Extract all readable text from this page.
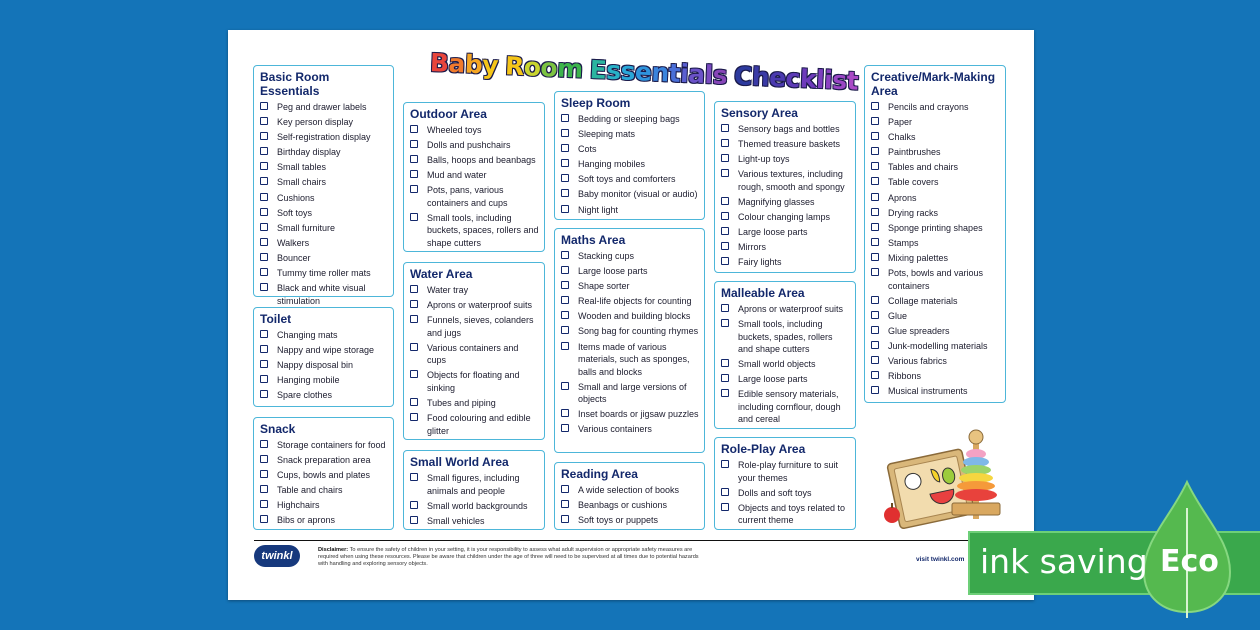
Baby Room Essentials Checklist
Basic Room Essentials
Peg and drawer labels
Key person display
Self-registration display
Birthday display
Small tables
Small chairs
Cushions
Soft toys
Small furniture
Walkers
Bouncer
Tummy time roller mats
Black and white visual stimulation
Toilet
Changing mats
Nappy and wipe storage
Nappy disposal bin
Hanging mobile
Spare clothes
Snack
Storage containers for food
Snack preparation area
Cups, bowls and plates
Table and chairs
Highchairs
Bibs or aprons
Outdoor Area
Wheeled toys
Dolls and pushchairs
Balls, hoops and beanbags
Mud and water
Pots, pans, various containers and cups
Small tools, including buckets, spaces, rollers and shape cutters
Water Area
Water tray
Aprons or waterproof suits
Funnels, sieves, colanders and jugs
Various containers and cups
Objects for floating and sinking
Tubes and piping
Food colouring and edible glitter
Small World Area
Small figures, including animals and people
Small world backgrounds
Small vehicles
Sleep Room
Bedding or sleeping bags
Sleeping mats
Cots
Hanging mobiles
Soft toys and comforters
Baby monitor (visual or audio)
Night light
Maths Area
Stacking cups
Large loose parts
Shape sorter
Real-life objects for counting
Wooden and building blocks
Song bag for counting rhymes
Items made of various materials, such as sponges, balls and blocks
Small and large versions of objects
Inset boards or jigsaw puzzles
Various containers
Reading Area
A wide selection of books
Beanbags or cushions
Soft toys or puppets
Sensory Area
Sensory bags and bottles
Themed treasure baskets
Light-up toys
Various textures, including rough, smooth and spongy
Magnifying glasses
Colour changing lamps
Large loose parts
Mirrors
Fairy lights
Malleable Area
Aprons or waterproof suits
Small tools, including buckets, spades, rollers and shape cutters
Small world objects
Large loose parts
Edible sensory materials, including cornflour, dough and cereal
Role-Play Area
Role-play furniture to suit your themes
Dolls and soft toys
Objects and toys related to current theme
Creative/Mark-Making Area
Pencils and crayons
Paper
Chalks
Paintbrushes
Tables and chairs
Table covers
Aprons
Drying racks
Sponge printing shapes
Stamps
Mixing palettes
Pots, bowls and various containers
Collage materials
Glue
Glue spreaders
Junk-modelling materials
Various fabrics
Ribbons
Musical instruments
twinkl	Disclaimer: To ensure the safety of children in your setting, it is your responsibility to assess what adult supervision or appropriate safety measures are required when using these resources. Please be aware that children under the age of three will need to be supervised at all times due to potential hazards with handling and exploring sensory objects.
visit twinkl.com ink saving Eco
